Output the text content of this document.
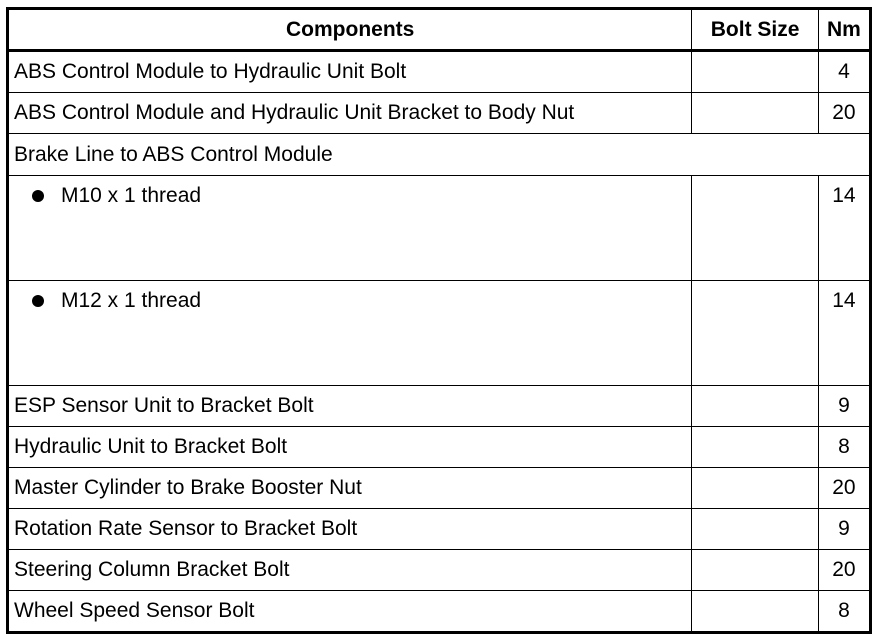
Components	Bolt Size	Nm
ABS Control Module to Hydraulic Unit Bolt		4
ABS Control Module and Hydraulic Unit Bracket to Body Nut		20
Brake Line to ABS Control Module		

M10 x 1 thread		14

M12 x 1 thread		14
ESP Sensor Unit to Bracket Bolt		9
Hydraulic Unit to Bracket Bolt		8
Master Cylinder to Brake Booster Nut		20
Rotation Rate Sensor to Bracket Bolt		9
Steering Column Bracket Bolt		20
Wheel Speed Sensor Bolt		8
